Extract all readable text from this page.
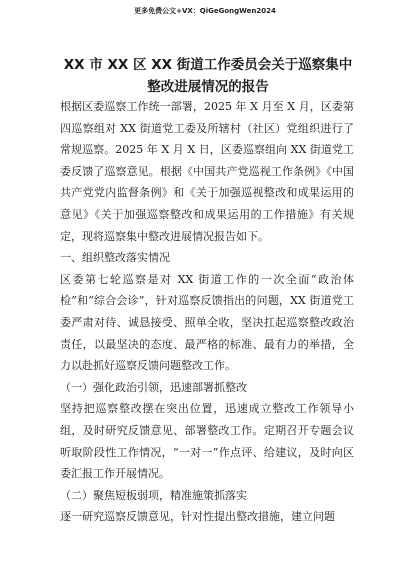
更多免费公文+VX：QiGeGongWen2024
XX 市 XX 区 XX 街道工作委员会关于巡察集中整改进展情况的报告

根据区委巡察工作统一部署，2025 年 X 月至 X 月，区委第四巡察组对 XX 街道党工委及所辖村（社区）党组织进行了常规巡察。2025 年 X 月 X 日，区委巡察组向 XX 街道党工委反馈了巡察意见。根据《中国共产党巡视工作条例》《中国共产党党内监督条例》和《关于加强巡视整改和成果运用的意见》《关于加强巡察整改和成果运用的工作措施》有关规定，现将巡察集中整改进展情况报告如下。

一、组织整改落实情况

区委第七轮巡察是对 XX 街道工作的一次全面“政治体检”和“综合会诊”，针对巡察反馈指出的问题，XX 街道党工委严肃对待、诚恳接受、照单全收，坚决扛起巡察整改政治责任，以最坚决的态度、最严格的标准、最有力的举措，全力以赴抓好巡察反馈问题整改工作。

（一）强化政治引领，迅速部署抓整改

坚持把巡察整改摆在突出位置，迅速成立整改工作领导小组，及时研究反馈意见、部署整改工作。定期召开专题会议听取阶段性工作情况，“一对一”作点评、给建议，及时向区委汇报工作开展情况。

（二）聚焦短板弱项，精准施策抓落实

逐一研究巡察反馈意见，针对性提出整改措施，建立问题
